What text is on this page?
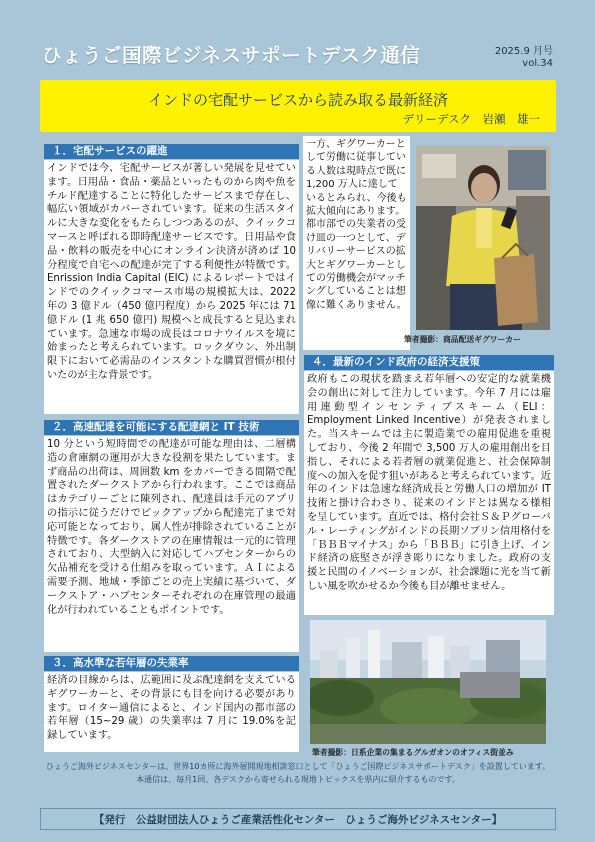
ひょうご国際ビジネスサポートデスク通信	2025.9 月号
vol.34
インドの宅配サービスから読み取る最新経済
デリーデスク　岩瀬　雄一
１．宅配サービスの躍進
インドでは今、宅配サービスが著しい発展を見せています。日用品・食品・薬品といったものから肉や魚をチルド配達することに特化したサービスまで存在し、幅広い領域がカバーされています。従来の生活スタイルに大きな変化をもたらしつつあるのが、クイックコマースと呼ばれる即時配達サービスです。日用品や食品・飲料の販売を中心にオンライン決済が済めば 10 分程度で自宅への配達が完了する利便性が特徴です。Enrission India Capital (EIC) によるレポートではインドでのクイックコマース市場の規模拡大は、2022 年の 3 億ドル（450 億円程度）から 2025 年には 71 億ドル (1 兆 650 億円) 規模へと成長すると見込まれています。急速な市場の成長はコロナウイルスを境に始まったと考えられています。ロックダウン、外出制限下において必需品のインスタントな購買習慣が根付いたのが主な背景です。
２．高速配達を可能にする配達網と IT 技術
10 分という短時間での配達が可能な理由は、二層構造の倉庫網の運用が大きな役割を果たしています。まず商品の出荷は、周囲数 km をカバーできる間隔で配置されたダークストアから行われます。ここでは商品はカテゴリーごとに陳列され、配達員は手元のアプリの指示に従うだけでピックアップから配達完了まで対応可能となっており、属人性が排除されていることが特徴です。各ダークストアの在庫情報は一元的に管理されており、大型納入に対応してハブセンターからの欠品補充を受ける仕組みを取っています。ＡＩによる需要予測、地域・季節ごとの売上実績に基づいて、ダークストア・ハブセンターそれぞれの在庫管理の最適化が行われていることもポイントです。
３．高水準な若年層の失業率
経済の目線からは、広範囲に及ぶ配達網を支えているギグワーカーと、その背景にも目を向ける必要があります。ロイター通信によると、インド国内の都市部の若年層（15~29 歳）の失業率は 7 月に 19.0%を記録しています。
一方、ギグワーカーとして労働に従事している人数は現時点で既に 1,200 万人に達しているとみられ、今後も拡大傾向にあります。都市部での失業者の受け皿の一つとして、デリバリーサービスの拡大とギグワーカーとしての労働機会がマッチングしていることは想像に難くありません。
筆者撮影：商品配送ギグワーカー
４．最新のインド政府の経済支援策
政府もこの現状を踏まえ若年層への安定的な就業機会の創出に対して注力しています。今年 7 月には雇用連動型インセンティブスキーム（ELI：Employment Linked Incentive）が発表されました。当スキームでは主に製造業での雇用促進を重視しており、今後 2 年間で 3,500 万人の雇用創出を目指し、それによる若者層の就業促進と、社会保障制度への加入を促す狙いがあると考えられています。近年のインドは急速な経済成長と労働人口の増加が IT 技術と掛け合わさり、従来のインドとは異なる様相を呈しています。直近では、格付会社Ｓ＆Ｐグローバル・レーティングがインドの長期ソブリン信用格付を「ＢＢＢマイナス」から「ＢＢＢ」に引き上げ、インド経済の底堅さが浮き彫りになりました。政府の支援と民間のイノベーションが、社会課題に光を当て新しい風を吹かせるか今後も目が離せません。
筆者撮影：日系企業の集まるグルガオンのオフィス街並み
ひょうご海外ビジネスセンターは、世界10カ所に海外展開現地相談窓口として「ひょうご国際ビジネスサポートデスク」を設置しています。
本通信は、毎月1回、各デスクから寄せられる現地トピックスを県内に紹介するものです。
【発行　公益財団法人ひょうご産業活性化センター　ひょうご海外ビジネスセンター】
